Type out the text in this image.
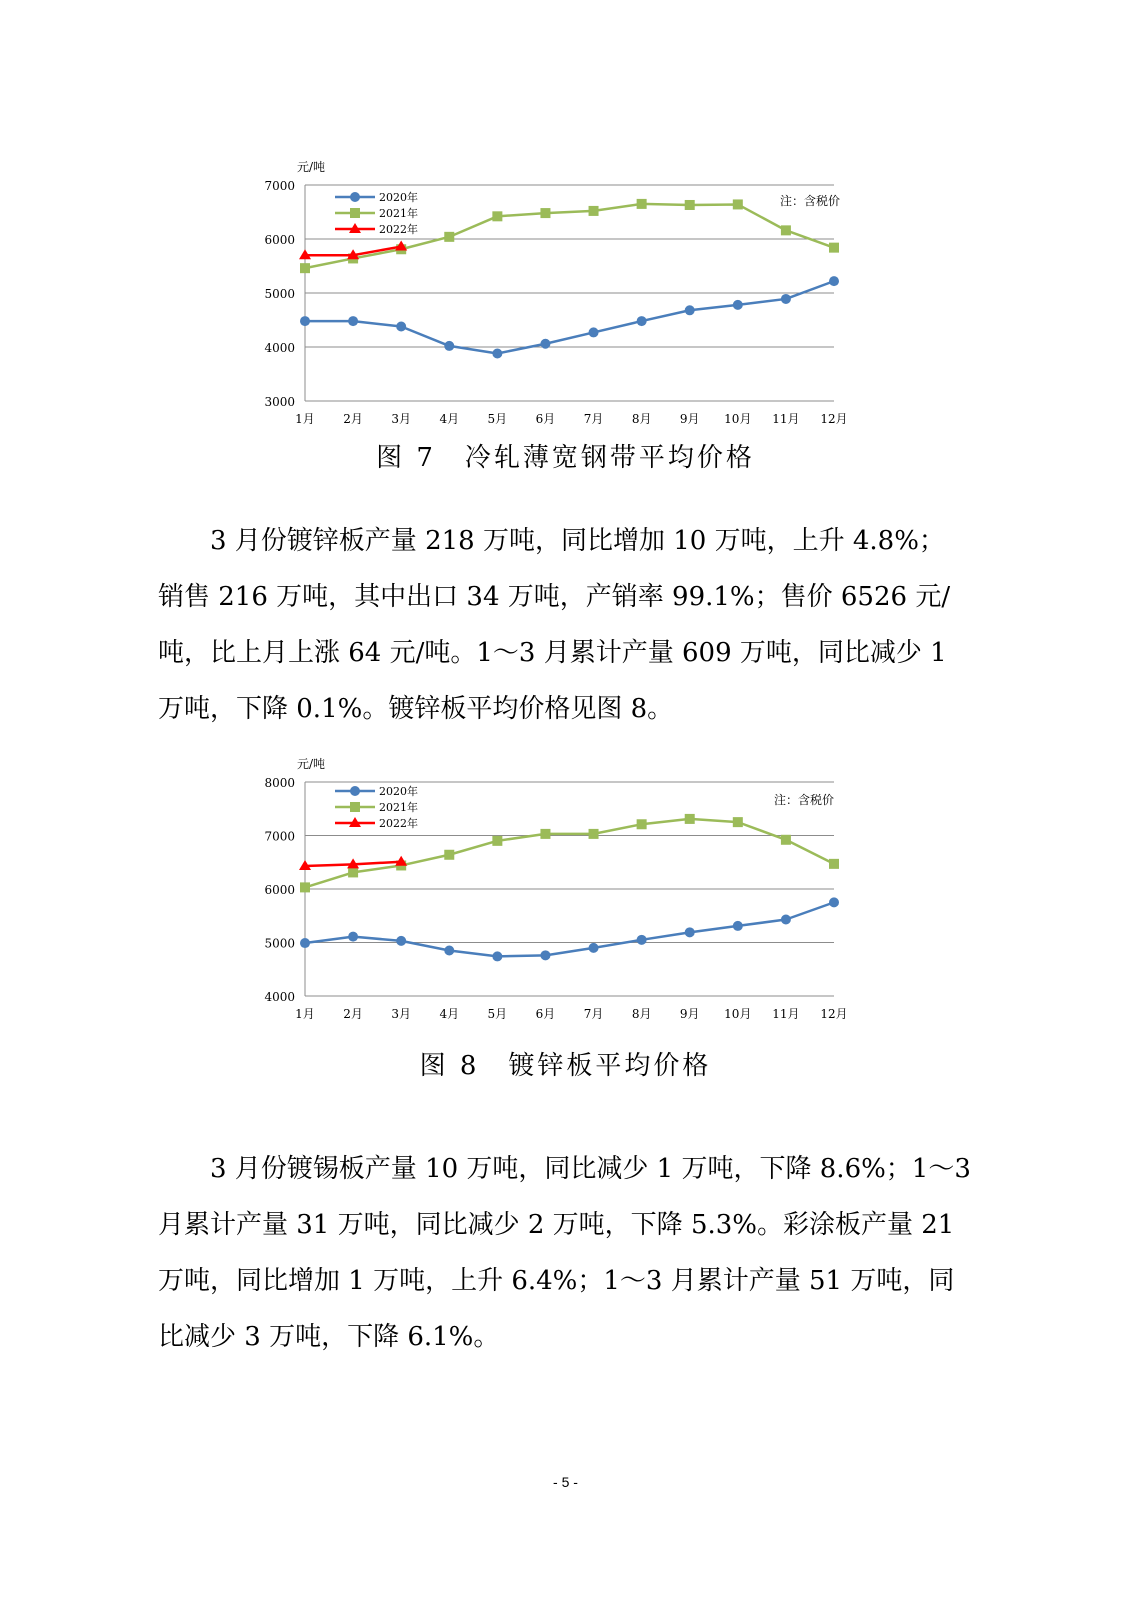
3000
4000
5000
6000
7000
1月 2月 3月 4月 5月 6月 7月 8月 9月 10月 11月 12月
元/吨
注：含税价
2020年
2021年
2022年
图 7　冷轧薄宽钢带平均价格
3 月份镀锌板产量 218 万吨，同比增加 10 万吨，上升 4.8%；
销售 216 万吨，其中出口 34 万吨，产销率 99.1%；售价 6526 元/
吨，比上月上涨 64 元/吨。1～3 月累计产量 609 万吨，同比减少 1
万吨，下降 0.1%。镀锌板平均价格见图 8。
4000
5000
6000
7000
8000
1月 2月 3月 4月 5月 6月 7月 8月 9月 10月 11月 12月
元/吨
注：含税价
2020年
2021年
2022年
图 8　镀锌板平均价格
3 月份镀锡板产量 10 万吨，同比减少 1 万吨，下降 8.6%；1～3
月累计产量 31 万吨，同比减少 2 万吨，下降 5.3%。彩涂板产量 21
万吨，同比增加 1 万吨，上升 6.4%；1～3 月累计产量 51 万吨，同
比减少 3 万吨，下降 6.1%。
- 5 -
